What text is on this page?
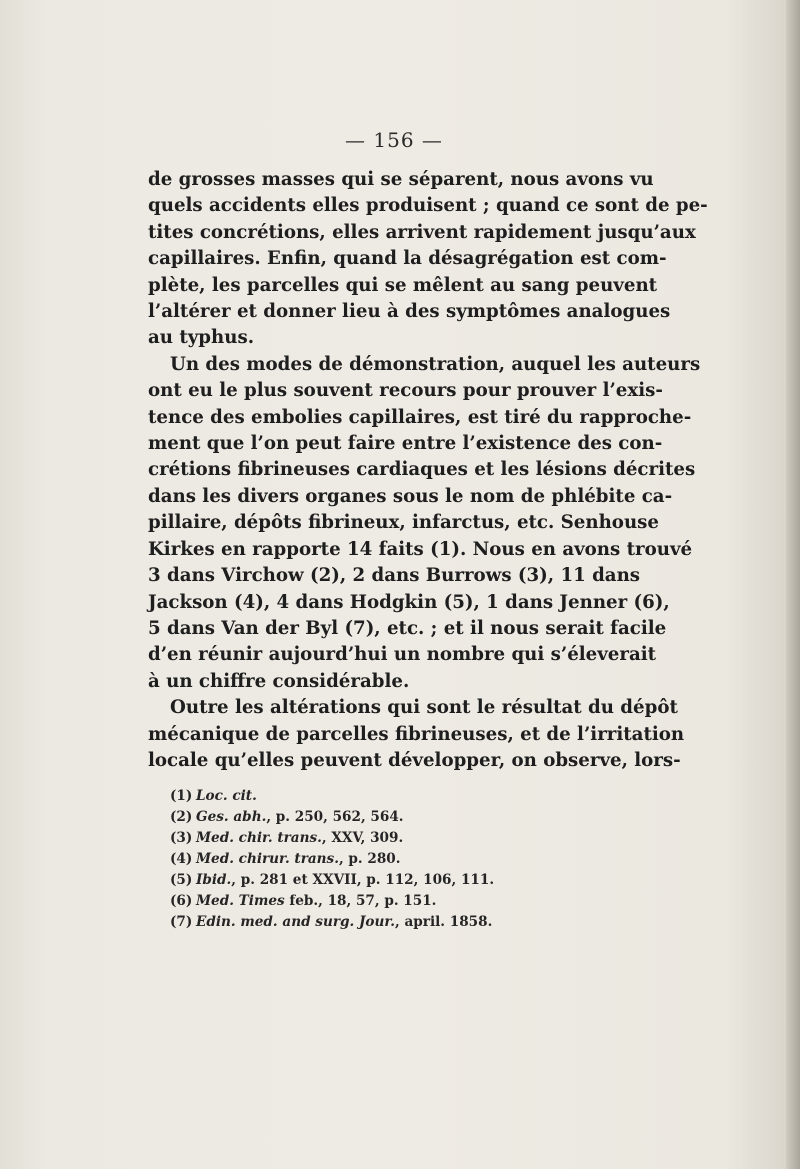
— 156 —
de grosses masses qui se séparent, nous avons vu
quels accidents elles produisent ; quand ce sont de pe-
tites concrétions, elles arrivent rapidement jusqu’aux
capillaires. Enfin, quand la désagrégation est com-
plète, les parcelles qui se mêlent au sang peuvent
l’altérer et donner lieu à des symptômes analogues
au typhus.
Un des modes de démonstration, auquel les auteurs
ont eu le plus souvent recours pour prouver l’exis-
tence des embolies capillaires, est tiré du rapproche-
ment que l’on peut faire entre l’existence des con-
crétions fibrineuses cardiaques et les lésions décrites
dans les divers organes sous le nom de phlébite ca-
pillaire, dépôts fibrineux, infarctus, etc. Senhouse
Kirkes en rapporte 14 faits (1). Nous en avons trouvé
3 dans Virchow (2), 2 dans Burrows (3), 11 dans
Jackson (4), 4 dans Hodgkin (5), 1 dans Jenner (6),
5 dans Van der Byl (7), etc. ; et il nous serait facile
d’en réunir aujourd’hui un nombre qui s’éleverait
à un chiffre considérable.
Outre les altérations qui sont le résultat du dépôt
mécanique de parcelles fibrineuses, et de l’irritation
locale qu’elles peuvent développer, on observe, lors-
(1) Loc. cit.
(2) Ges. abh., p. 250, 562, 564.
(3) Med. chir. trans., XXV, 309.
(4) Med. chirur. trans., p. 280.
(5) Ibid., p. 281 et XXVII, p. 112, 106, 111.
(6) Med. Times feb., 18, 57, p. 151.
(7) Edin. med. and surg. Jour., april. 1858.
